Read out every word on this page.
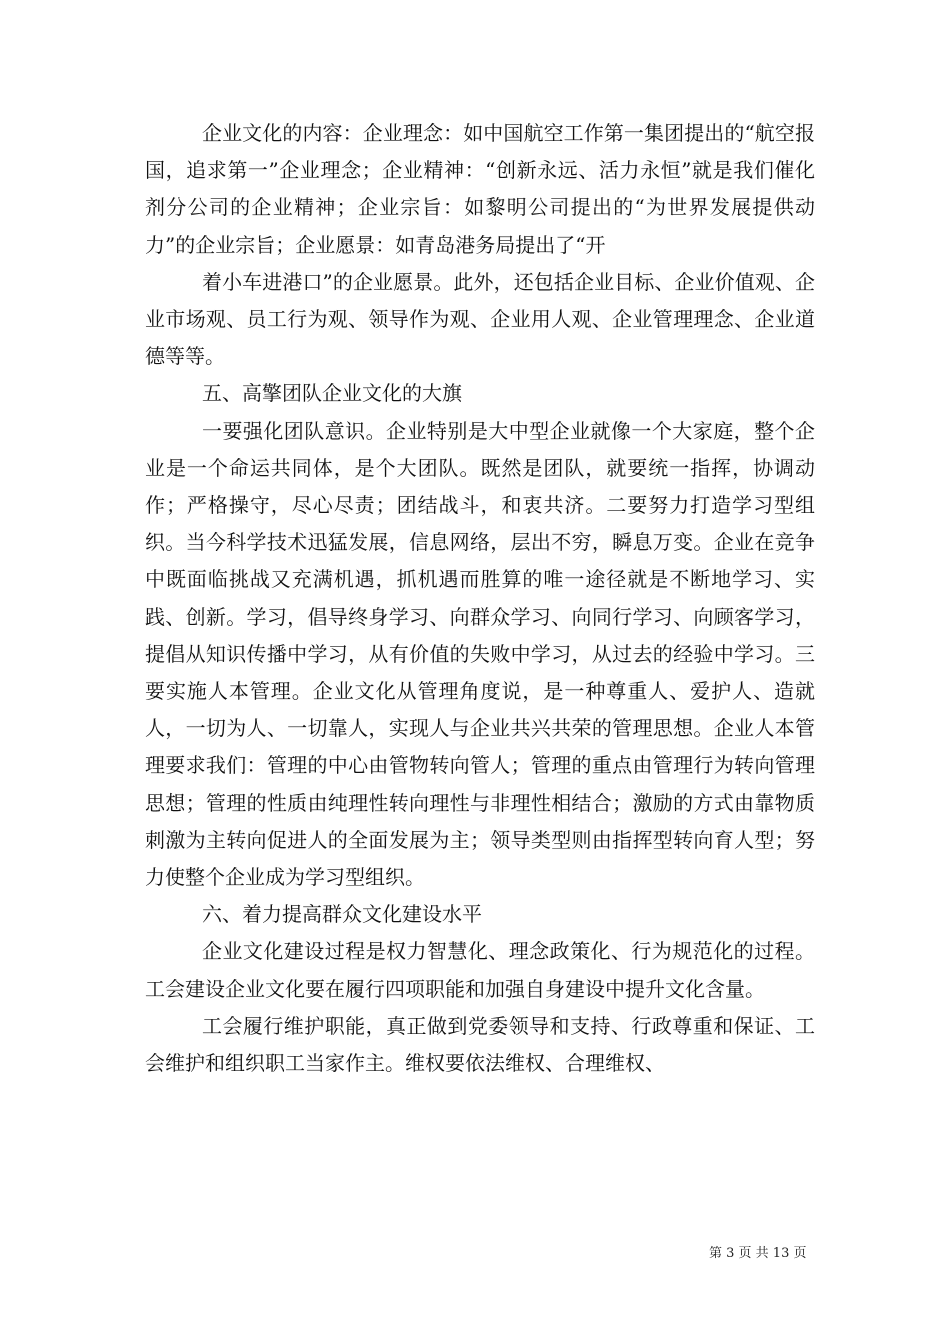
企业文化的内容：企业理念：如中国航空工作第一集团提出的“航空报国，追求第一”企业理念；企业精神：“创新永远、活力永恒”就是我们催化剂分公司的企业精神；企业宗旨：如黎明公司提出的“为世界发展提供动力”的企业宗旨；企业愿景：如青岛港务局提出了“开

着小车进港口”的企业愿景。此外，还包括企业目标、企业价值观、企业市场观、员工行为观、领导作为观、企业用人观、企业管理理念、企业道德等等。

五、高擎团队企业文化的大旗

一要强化团队意识。企业特别是大中型企业就像一个大家庭，整个企业是一个命运共同体，是个大团队。既然是团队，就要统一指挥，协调动作；严格操守，尽心尽责；团结战斗，和衷共济。二要努力打造学习型组织。当今科学技术迅猛发展，信息网络，层出不穷，瞬息万变。企业在竞争中既面临挑战又充满机遇，抓机遇而胜算的唯一途径就是不断地学习、实践、创新。学习，倡导终身学习、向群众学习、向同行学习、向顾客学习，提倡从知识传播中学习，从有价值的失败中学习，从过去的经验中学习。三要实施人本管理。企业文化从管理角度说，是一种尊重人、爱护人、造就人，一切为人、一切靠人，实现人与企业共兴共荣的管理思想。企业人本管理要求我们：管理的中心由管物转向管人；管理的重点由管理行为转向管理思想；管理的性质由纯理性转向理性与非理性相结合；激励的方式由靠物质刺激为主转向促进人的全面发展为主；领导类型则由指挥型转向育人型；努力使整个企业成为学习型组织。

六、着力提高群众文化建设水平

企业文化建设过程是权力智慧化、理念政策化、行为规范化的过程。工会建设企业文化要在履行四项职能和加强自身建设中提升文化含量。

工会履行维护职能，真正做到党委领导和支持、行政尊重和保证、工会维护和组织职工当家作主。维权要依法维权、合理维权、

第 3 页 共 13 页
